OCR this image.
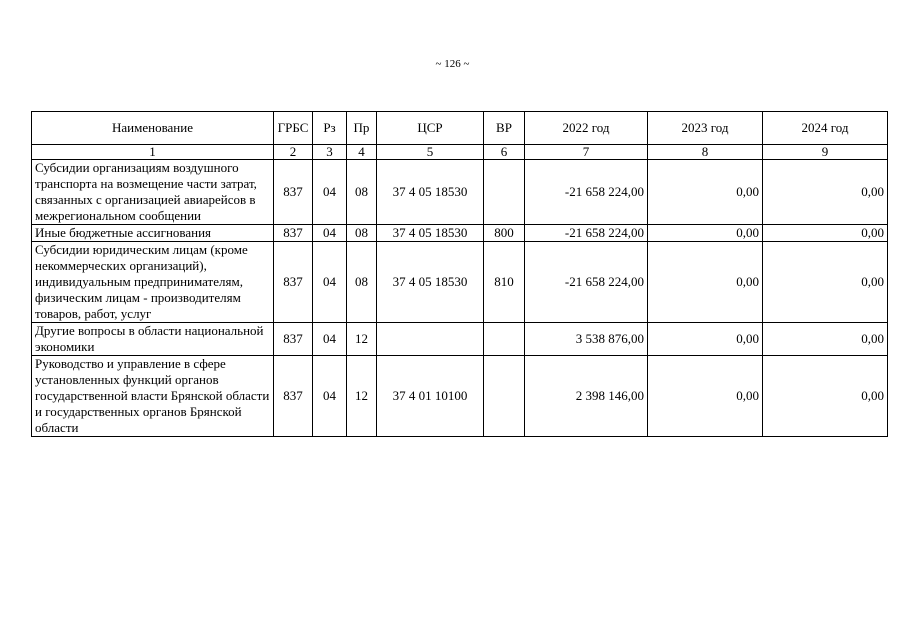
~ 126 ~
Наименование	ГРБС	Рз	Пр	ЦСР	ВР	2022 год	2023 год	2024 год
1	2	3	4	5	6	7	8	9
Субсидии организациям воздушного транспорта на возмещение части затрат, связанных с организацией авиарейсов в межрегиональном сообщении	837	04	08	37 4 05 18530		-21 658 224,00	0,00	0,00
Иные бюджетные ассигнования	837	04	08	37 4 05 18530	800	-21 658 224,00	0,00	0,00
Субсидии юридическим лицам (кроме некоммерческих организаций), индивидуальным предпринимателям, физическим лицам - производителям товаров, работ, услуг	837	04	08	37 4 05 18530	810	-21 658 224,00	0,00	0,00
Другие вопросы в области национальной экономики	837	04	12			3 538 876,00	0,00	0,00
Руководство и управление в сфере установленных функций органов государственной власти Брянской области и государственных органов Брянской области	837	04	12	37 4 01 10100		2 398 146,00	0,00	0,00
